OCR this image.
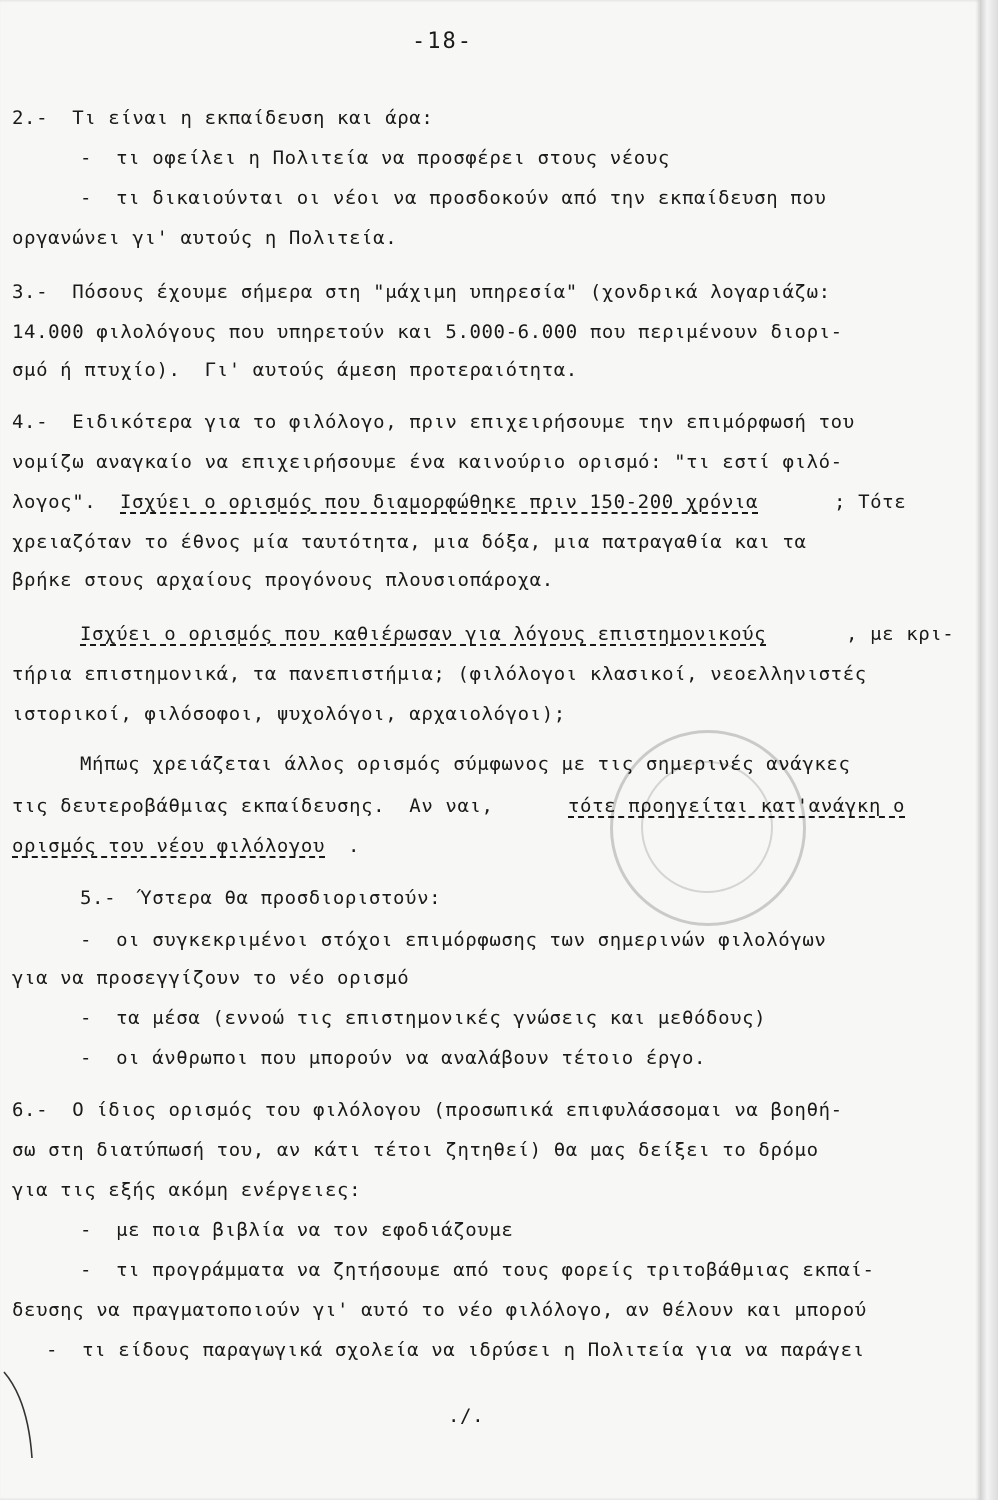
-18-
2.-  Τι είναι η εκπαίδευση και άρα:
-  τι οφείλει η Πολιτεία να προσφέρει στους νέους
-  τι δικαιούνται οι νέοι να προσδοκούν από την εκπαίδευση που
οργανώνει γι' αυτούς η Πολιτεία.
3.-  Πόσους έχουμε σήμερα στη "μάχιμη υπηρεσία" (χονδρικά λογαριάζω:
14.000 φιλολόγους που υπηρετούν και 5.000-6.000 που περιμένουν διορι-
σμό ή πτυχίο).  Γι' αυτούς άμεση προτεραιότητα.
4.-  Ειδικότερα για το φιλόλογο, πριν επιχειρήσουμε την επιμόρφωσή του
νομίζω αναγκαίο να επιχειρήσουμε ένα καινούριο ορισμό: "τι εστί φιλό-
λογος". Ισχύει ο ορισμός που διαμορφώθηκε πριν 150-200 χρόνια	; Τότε
χρειαζόταν το έθνος μία ταυτότητα, μια δόξα, μια πατραγαθία και τα
βρήκε στους αρχαίους προγόνους πλουσιοπάροχα.
Ισχύει ο ορισμός που καθιέρωσαν για λόγους επιστημονικούς	, με κρι-
τήρια επιστημονικά, τα πανεπιστήμια; (φιλόλογοι κλασικοί, νεοελληνιστές
ιστορικοί, φιλόσοφοι, ψυχολόγοι, αρχαιολόγοι);
Μήπως χρειάζεται άλλος ορισμός σύμφωνος με τις σημερινές ανάγκες
τις δευτεροβάθμιας εκπαίδευσης.  Αν ναι,	τότε προηγείται κατ'ανάγκη ο
ορισμός του νέου φιλόλογου .
5.-  Ύστερα θα προσδιοριστούν:
-  οι συγκεκριμένοι στόχοι επιμόρφωσης των σημερινών φιλολόγων
για να προσεγγίζουν το νέο ορισμό
-  τα μέσα (εννοώ τις επιστημονικές γνώσεις και μεθόδους)
-  οι άνθρωποι που μπορούν να αναλάβουν τέτοιο έργο.
6.-  Ο ίδιος ορισμός του φιλόλογου (προσωπικά επιφυλάσσομαι να βοηθή-
σω στη διατύπωσή του, αν κάτι τέτοι ζητηθεί) θα μας δείξει το δρόμο
για τις εξής ακόμη ενέργειες:
-  με ποια βιβλία να τον εφοδιάζουμε
-  τι προγράμματα να ζητήσουμε από τους φορείς τριτοβάθμιας εκπαί-
δευσης να πραγματοποιούν γι' αυτό το νέο φιλόλογο, αν θέλουν και μπορού
-  τι είδους παραγωγικά σχολεία να ιδρύσει η Πολιτεία για να παράγει
./.
